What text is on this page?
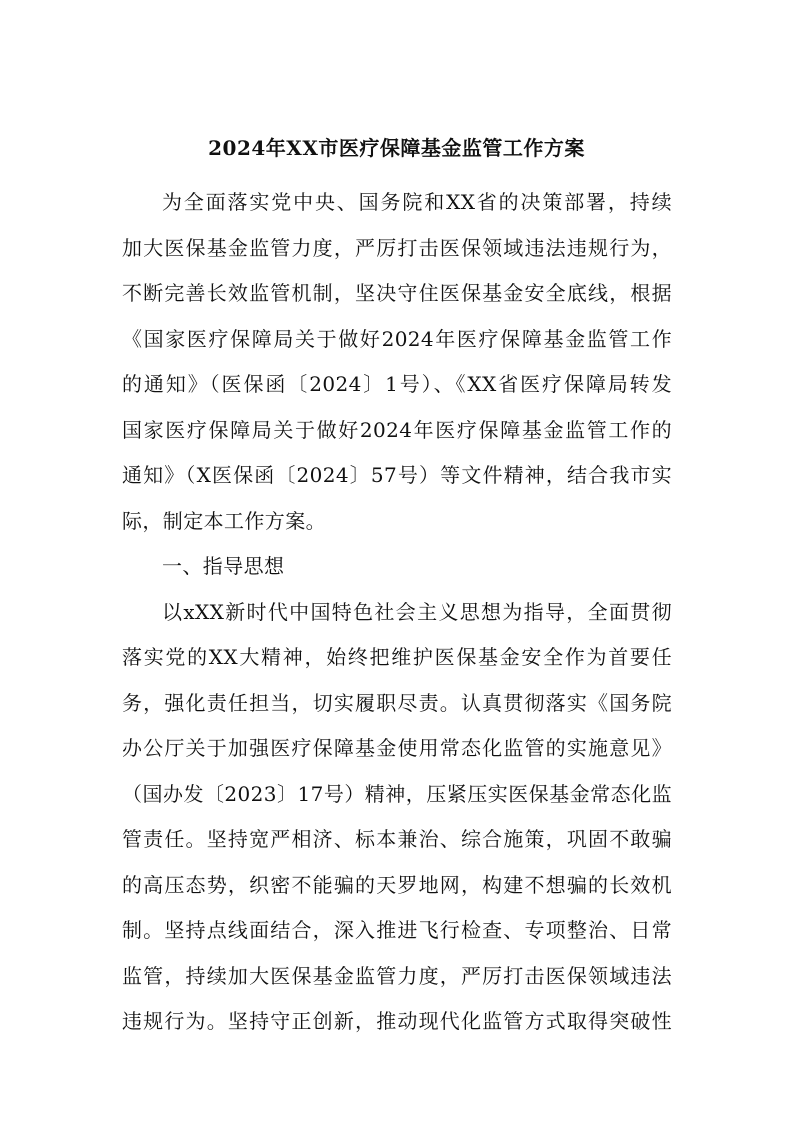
2024年XX市医疗保障基金监管工作方案
为全面落实党中央、国务院和XX省的决策部署，持续
加大医保基金监管力度，严厉打击医保领域违法违规行为，
不断完善长效监管机制，坚决守住医保基金安全底线，根据
《国家医疗保障局关于做好2024年医疗保障基金监管工作
的通知》（医保函〔2024〕1号）、《XX省医疗保障局转发
国家医疗保障局关于做好2024年医疗保障基金监管工作的
通知》（X医保函〔2024〕57号）等文件精神，结合我市实
际，制定本工作方案。
一、指导思想
以xXX新时代中国特色社会主义思想为指导，全面贯彻
落实党的XX大精神，始终把维护医保基金安全作为首要任
务，强化责任担当，切实履职尽责。认真贯彻落实《国务院
办公厅关于加强医疗保障基金使用常态化监管的实施意见》
（国办发〔2023〕17号）精神，压紧压实医保基金常态化监
管责任。坚持宽严相济、标本兼治、综合施策，巩固不敢骗
的高压态势，织密不能骗的天罗地网，构建不想骗的长效机
制。坚持点线面结合，深入推进飞行检查、专项整治、日常
监管，持续加大医保基金监管力度，严厉打击医保领域违法
违规行为。坚持守正创新，推动现代化监管方式取得突破性
